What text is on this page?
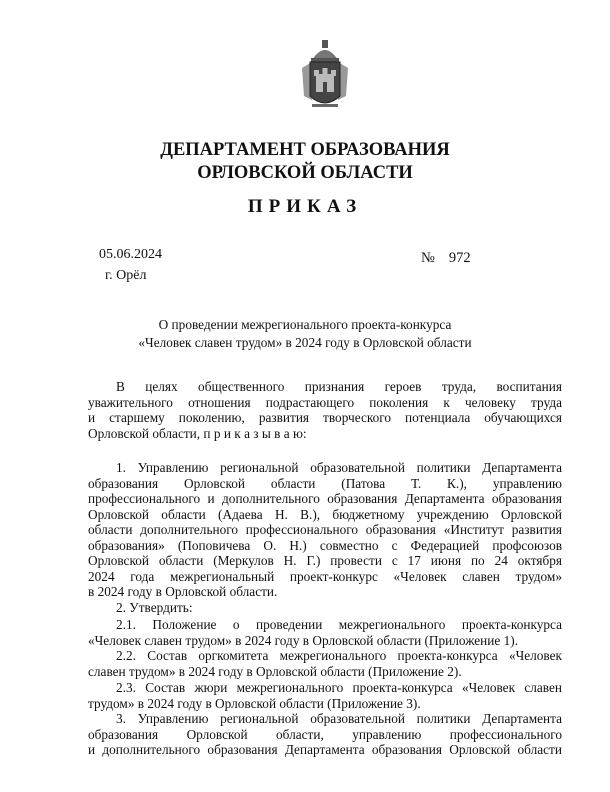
ДЕПАРТАМЕНТ ОБРАЗОВАНИЯ
ОРЛОВСКОЙ ОБЛАСТИ
ПРИКАЗ
05.06.2024
г. Орёл
№ 972
О проведении межрегионального проекта-конкурса
«Человек славен трудом» в 2024 году в Орловской области
В целях общественного признания героев труда, воспитания
уважительного отношения подрастающего поколения к человеку труда
и старшему поколению, развития творческого потенциала обучающихся
Орловской области, п р и к а з ы в а ю:
1. Управлению региональной образовательной политики Департамента
образования Орловской области (Патова Т. К.), управлению
профессионального и дополнительного образования Департамента образования
Орловской области (Адаева Н. В.), бюджетному учреждению Орловской
области дополнительного профессионального образования «Институт развития
образования» (Поповичева О. Н.) совместно с Федерацией профсоюзов
Орловской области (Меркулов Н. Г.) провести с 17 июня по 24 октября
2024 года межрегиональный проект-конкурс «Человек славен трудом»
в 2024 году в Орловской области.
2. Утвердить:
2.1. Положение о проведении межрегионального проекта-конкурса
«Человек славен трудом» в 2024 году в Орловской области (Приложение 1).
2.2. Состав оргкомитета межрегионального проекта-конкурса «Человек
славен трудом» в 2024 году в Орловской области (Приложение 2).
2.3. Состав жюри межрегионального проекта-конкурса «Человек славен
трудом» в 2024 году в Орловской области (Приложение 3).
3. Управлению региональной образовательной политики Департамента
образования Орловской области, управлению профессионального
и дополнительного образования Департамента образования Орловской области
